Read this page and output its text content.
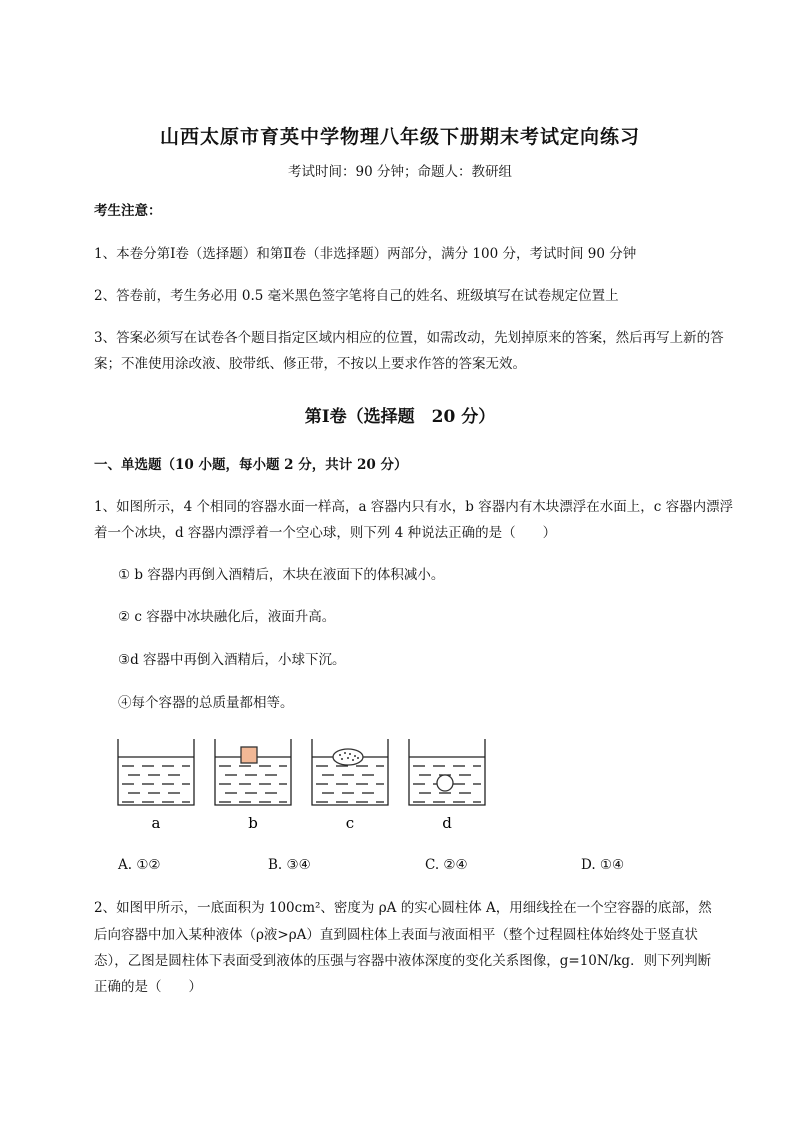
山西太原市育英中学物理八年级下册期末考试定向练习
考试时间：90 分钟；命题人：教研组
考生注意：
1、本卷分第Ⅰ卷（选择题）和第Ⅱ卷（非选择题）两部分，满分 100 分，考试时间 90 分钟
2、答卷前，考生务必用 0.5 毫米黑色签字笔将自己的姓名、班级填写在试卷规定位置上
3、答案必须写在试卷各个题目指定区域内相应的位置，如需改动，先划掉原来的答案，然后再写上新的答案；不准使用涂改液、胶带纸、修正带，不按以上要求作答的答案无效。
第Ⅰ卷（选择题　20 分）
一、单选题（10 小题，每小题 2 分，共计 20 分）
1、如图所示，4 个相同的容器水面一样高，a 容器内只有水，b 容器内有木块漂浮在水面上，c 容器内漂浮着一个冰块，d 容器内漂浮着一个空心球，则下列 4 种说法正确的是（　　）
① b 容器内再倒入酒精后，木块在液面下的体积减小。
② c 容器中冰块融化后，液面升高。
③d 容器中再倒入酒精后，小球下沉。
④每个容器的总质量都相等。
a	b	c	d
A. ①②	B. ③④	C. ②④	D. ①④
2、如图甲所示，一底面积为 100cm²、密度为 ρA 的实心圆柱体 A，用细线拴在一个空容器的底部，然
后向容器中加入某种液体（ρ液>ρA）直到圆柱体上表面与液面相平（整个过程圆柱体始终处于竖直状
态），乙图是圆柱体下表面受到液体的压强与容器中液体深度的变化关系图像，g=10N/kg．则下列判断
正确的是（　　）
